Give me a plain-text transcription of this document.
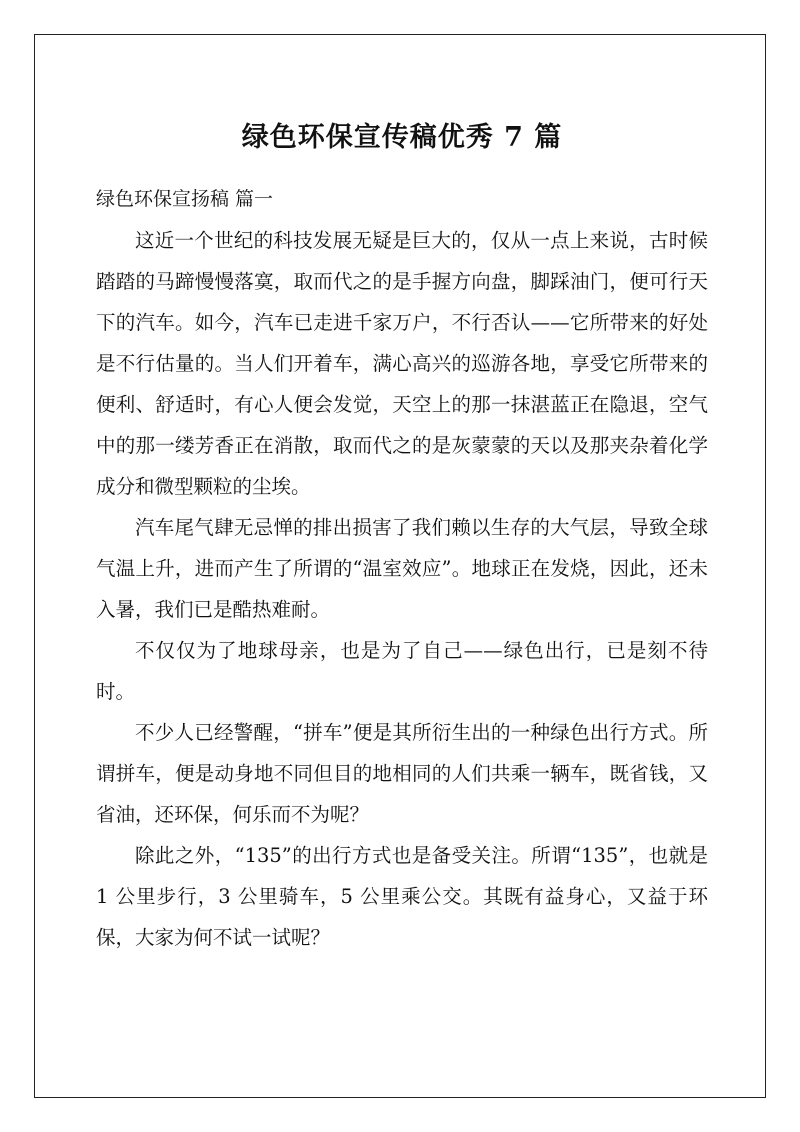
绿色环保宣传稿优秀 7 篇
绿色环保宣扬稿 篇一

这近一个世纪的科技发展无疑是巨大的，仅从一点上来说，古时候踏踏的马蹄慢慢落寞，取而代之的是手握方向盘，脚踩油门，便可行天下的汽车。如今，汽车已走进千家万户，不行否认——它所带来的好处是不行估量的。当人们开着车，满心高兴的巡游各地，享受它所带来的便利、舒适时，有心人便会发觉，天空上的那一抹湛蓝正在隐退，空气中的那一缕芳香正在消散，取而代之的是灰蒙蒙的天以及那夹杂着化学成分和微型颗粒的尘埃。

汽车尾气肆无忌惮的排出损害了我们赖以生存的大气层，导致全球气温上升，进而产生了所谓的“温室效应”。地球正在发烧，因此，还未入暑，我们已是酷热难耐。

不仅仅为了地球母亲，也是为了自己——绿色出行，已是刻不待时。

不少人已经警醒，“拼车”便是其所衍生出的一种绿色出行方式。所谓拼车，便是动身地不同但目的地相同的人们共乘一辆车，既省钱，又省油，还环保，何乐而不为呢？

除此之外，“135”的出行方式也是备受关注。所谓“135”，也就是 1 公里步行，3 公里骑车，5 公里乘公交。其既有益身心，又益于环保，大家为何不试一试呢？
